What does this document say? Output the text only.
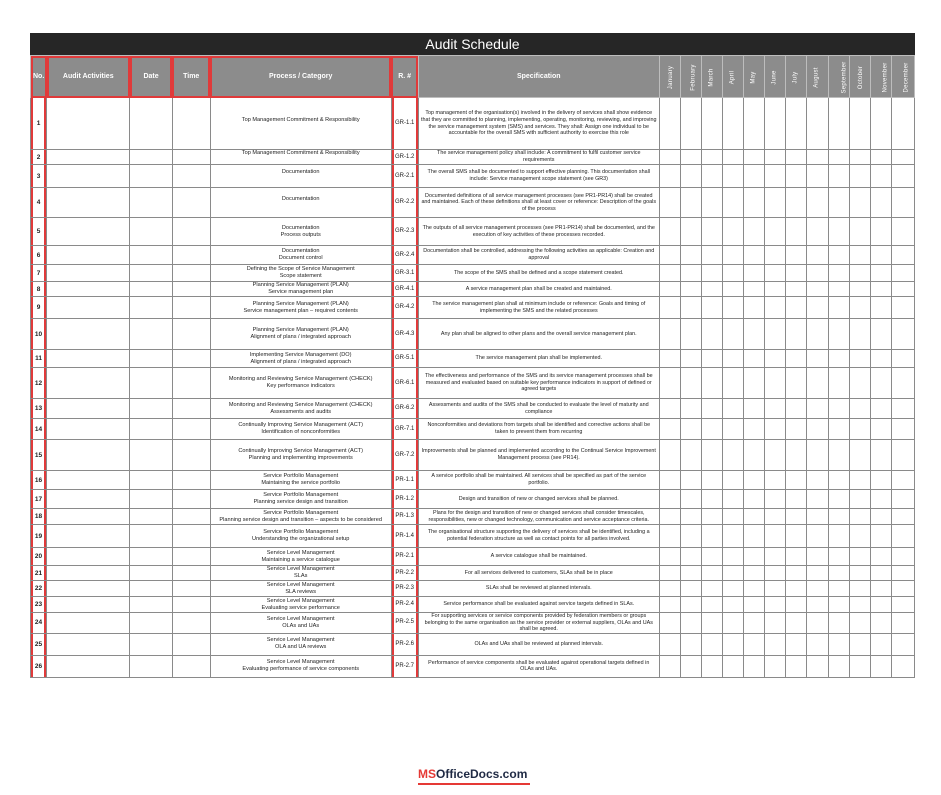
Audit Schedule
No.	Audit Activities	Date	Time	Process / Category	R. #	Specification	January	February	March	April	May	June	July	August	September	October	November	December
1				Top Management Commitment & Responsibility	GR-1.1	Top management of the organisation(s) involved in the delivery of services shall show evidence that they are committed to planning, implementing, operating, monitoring, reviewing, and improving the service management system (SMS) and services. They shall: Assign one individual to be accountable for the overall SMS with sufficient authority to exercise this role												
2				Top Management Commitment & Responsibility	GR-1.2	The service management policy shall include: A commitment to fulfil customer service requirements												
3				Documentation	GR-2.1	The overall SMS shall be documented to support effective planning. This documentation shall include: Service management scope statement (see GR3)												
4				Documentation	GR-2.2	Documented definitions of all service management processes (see PR1-PR14) shall be created and maintained. Each of these definitions shall at least cover or reference: Description of the goals of the process												
5				Documentation
Process outputs	GR-2.3	The outputs of all service management processes (see PR1-PR14) shall be documented, and the execution of key activities of these processes recorded.												
6				Documentation
Document control	GR-2.4	Documentation shall be controlled, addressing the following activities as applicable: Creation and approval												
7				Defining the Scope of Service Management
Scope statement	GR-3.1	The scope of the SMS shall be defined and a scope statement created.												
8				Planning Service Management (PLAN)
Service management plan	GR-4.1	A service management plan shall be created and maintained.												
9				Planning Service Management (PLAN)
Service management plan – required contents	GR-4.2	The service management plan shall at minimum include or reference: Goals and timing of implementing the SMS and the related processes												
10				Planning Service Management (PLAN)
Alignment of plans / integrated approach	GR-4.3	Any plan shall be aligned to other plans and the overall service management plan.												
11				Implementing Service Management (DO)
Alignment of plans / integrated approach	GR-5.1	The service management plan shall be implemented.												
12				Monitoring and Reviewing Service Management (CHECK)
Key performance indicators	GR-6.1	The effectiveness and performance of the SMS and its service management processes shall be measured and evaluated based on suitable key performance indicators in support of defined or agreed targets												
13				Monitoring and Reviewing Service Management (CHECK)
Assessments and audits	GR-6.2	Assessments and audits of the SMS shall be conducted to evaluate the level of maturity and compliance												
14				Continually Improving Service Management (ACT)
Identification of nonconformities	GR-7.1	Nonconformities and deviations from targets shall be identified and corrective actions shall be taken to prevent them from recurring												
15				Continually Improving Service Management (ACT)
Planning and implementing improvements	GR-7.2	Improvements shall be planned and implemented according to the Continual Service Improvement Management process (see PR14).												
16				Service Portfolio Management
Maintaining the service portfolio	PR-1.1	A service portfolio shall be maintained. All services shall be specified as part of the service portfolio.												
17				Service Portfolio Management
Planning service design and transition	PR-1.2	Design and transition of new or changed services shall be planned.												
18				Service Portfolio Management
Planning service design and transition – aspects to be considered	PR-1.3	Plans for the design and transition of new or changed services shall consider timescales, responsibilities, new or changed technology, communication and service acceptance criteria.												
19				Service Portfolio Management
Understanding the organizational setup	PR-1.4	The organisational structure supporting the delivery of services shall be identified, including a potential federation structure as well as contact points for all parties involved.												
20				Service Level Management
Maintaining a service catalogue	PR-2.1	A service catalogue shall be maintained.												
21				Service Level Management
SLAs	PR-2.2	For all services delivered to customers, SLAs shall be in place												
22				Service Level Management
SLA reviews	PR-2.3	SLAs shall be reviewed at planned intervals.												
23				Service Level Management
Evaluating service performance	PR-2.4	Service performance shall be evaluated against service targets defined in SLAs.												
24				Service Level Management
OLAs and UAs	PR-2.5	For supporting services or service components provided by federation members or groups belonging to the same organisation as the service provider or external suppliers, OLAs and UAs shall be agreed.												
25				Service Level Management
OLA and UA reviews	PR-2.6	OLAs and UAs shall be reviewed at planned intervals.												
26				Service Level Management
Evaluating performance of service components	PR-2.7	Performance of service components shall be evaluated against operational targets defined in OLAs and UAs.												
MSOfficeDocs.com
